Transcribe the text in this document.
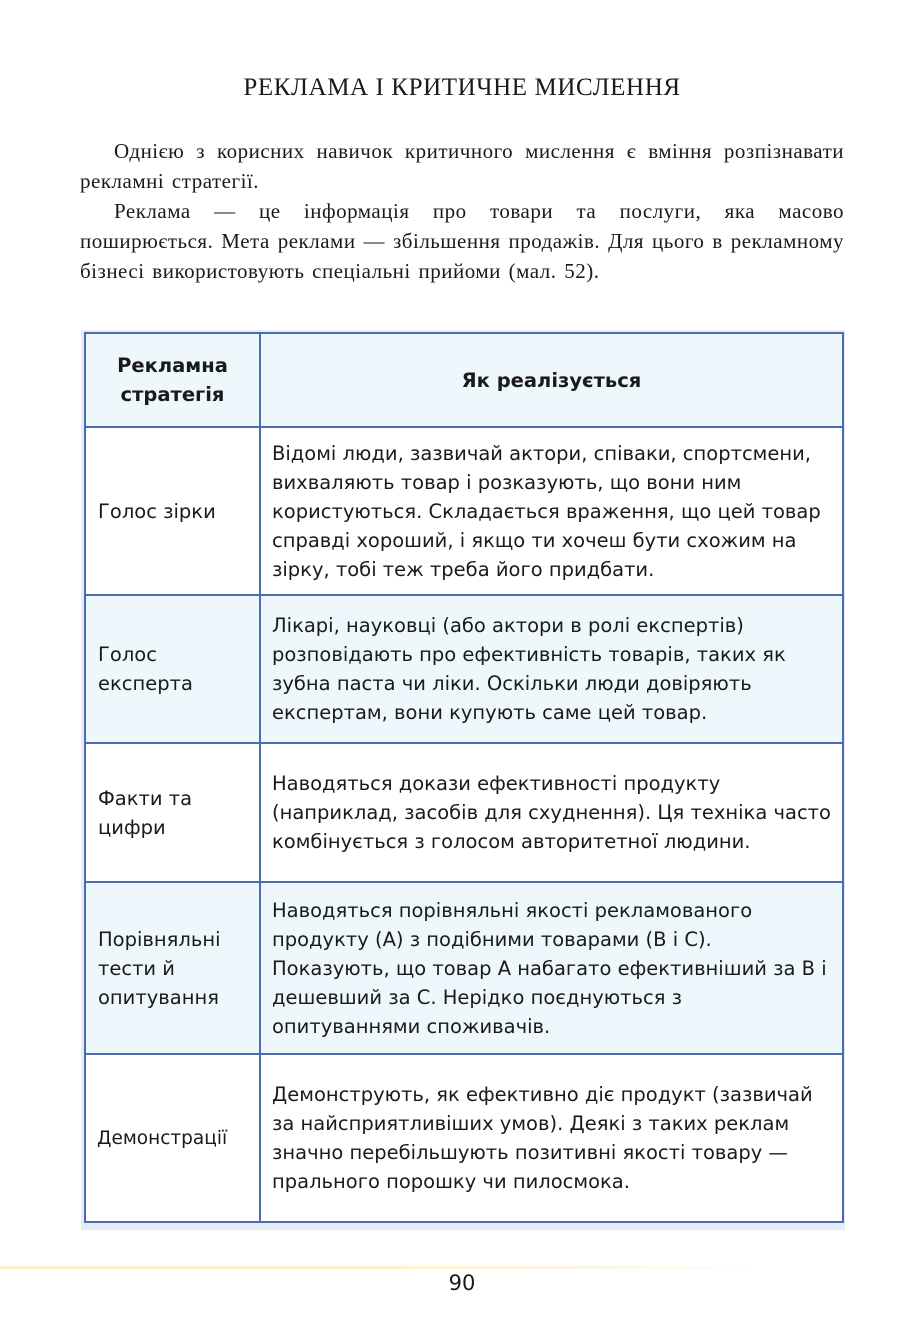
РЕКЛАМА І КРИТИЧНЕ МИСЛЕННЯ

Однією з корисних навичок критичного мислення є вміння розпізнавати рекламні стратегії.

Реклама — це інформація про товари та послуги, яка масово поширюється. Мета реклами — збільшення продажів. Для цього в рекламному бізнесі використовують спеціальні прийоми (мал. 52).

Рекламна стратегія	Як реалізується
Голос зірки	Відомі люди, зазвичай актори, співаки, спортсмени, вихваляють товар і розказують, що вони ним користуються. Складається враження, що цей товар справді хороший, і якщо ти хочеш бути схожим на зірку, тобі теж треба його придбати.
Голос експерта	Лікарі, науковці (або актори в ролі експертів) розповідають про ефективність товарів, таких як зубна паста чи ліки. Оскільки люди довіряють експертам, вони купують саме цей товар.
Факти та цифри	Наводяться докази ефективності продукту (наприклад, засобів для схуднення). Ця техніка часто комбінується з голосом авторитетної людини.
Порівняльні тести й опитування	Наводяться порівняльні якості рекламованого продукту (А) з подібними товарами (В і С). Показують, що товар А набагато ефективніший за В і дешевший за С. Нерідко поєднуються з опитуваннями споживачів.
Демонстрації	Демонструють, як ефективно діє продукт (зазвичай за найсприятливіших умов). Деякі з таких реклам значно перебільшують позитивні якості товару — прального порошку чи пилосмока.
90
